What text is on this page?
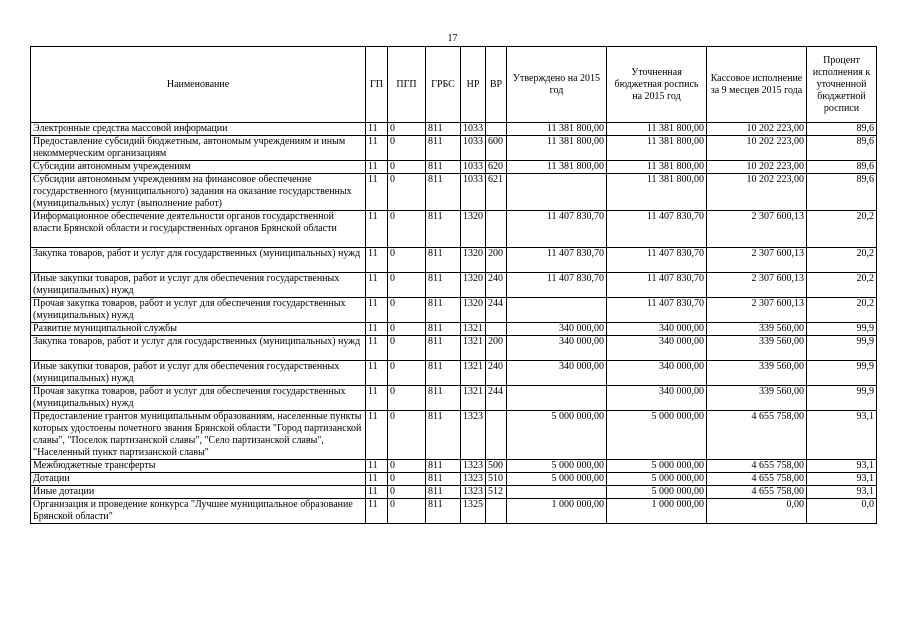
17
Наименование	ГП	ПГП	ГРБС	НР	ВР	Утверждено на 2015 год	Уточненная бюджетная роспись на 2015 год	Кассовое исполнение за 9 месцев 2015 года	Процент исполнения к уточненной бюджетной росписи
Электронные средства массовой информации	11	0	811	1033		11 381 800,00	11 381 800,00	10 202 223,00	89,6
Предоставление субсидий бюджетным, автономым учреждениям и иным некоммерческим организациям	11	0	811	1033	600	11 381 800,00	11 381 800,00	10 202 223,00	89,6
Субсидии автономным учреждениям	11	0	811	1033	620	11 381 800,00	11 381 800,00	10 202 223,00	89,6
Субсидии автономным учреждениям на финансовое обеспечение государственного (муниципального) задания на оказание государственных (муниципальных) услуг (выполнение работ)	11	0	811	1033	621		11 381 800,00	10 202 223,00	89,6
Информационное обеспечение деятельности органов государственной власти Брянской области и государственных органов Брянской области	11	0	811	1320		11 407 830,70	11 407 830,70	2 307 600,13	20,2
Закупка товаров, работ и услуг для государственных (муниципальных) нужд	11	0	811	1320	200	11 407 830,70	11 407 830,70	2 307 600,13	20,2
Иные закупки товаров, работ и услуг для обеспечения государственных (муниципальных) нужд	11	0	811	1320	240	11 407 830,70	11 407 830,70	2 307 600,13	20,2
Прочая закупка товаров, работ и услуг для обеспечения государственных (муниципальных) нужд	11	0	811	1320	244		11 407 830,70	2 307 600,13	20,2
Развитие муниципальной службы	11	0	811	1321		340 000,00	340 000,00	339 560,00	99,9
Закупка товаров, работ и услуг для государственных (муниципальных) нужд	11	0	811	1321	200	340 000,00	340 000,00	339 560,00	99,9
Иные закупки товаров, работ и услуг для обеспечения государственных (муниципальных) нужд	11	0	811	1321	240	340 000,00	340 000,00	339 560,00	99,9
Прочая закупка товаров, работ и услуг для обеспечения государственных (муниципальных) нужд	11	0	811	1321	244		340 000,00	339 560,00	99,9
Предоставление грантов муниципальным образованиям, населенные пункты которых удостоены почетного звания Брянской области "Город партизанской славы", "Поселок партизанской славы", "Село партизанской славы", "Населенный пункт партизанской славы"	11	0	811	1323		5 000 000,00	5 000 000,00	4 655 758,00	93,1
Межбюджетные трансферты	11	0	811	1323	500	5 000 000,00	5 000 000,00	4 655 758,00	93,1
Дотации	11	0	811	1323	510	5 000 000,00	5 000 000,00	4 655 758,00	93,1
Иные дотации	11	0	811	1323	512		5 000 000,00	4 655 758,00	93,1
Организация и проведение конкурса "Лучшее муниципальное образование Брянской области"	11	0	811	1325		1 000 000,00	1 000 000,00	0,00	0,0
